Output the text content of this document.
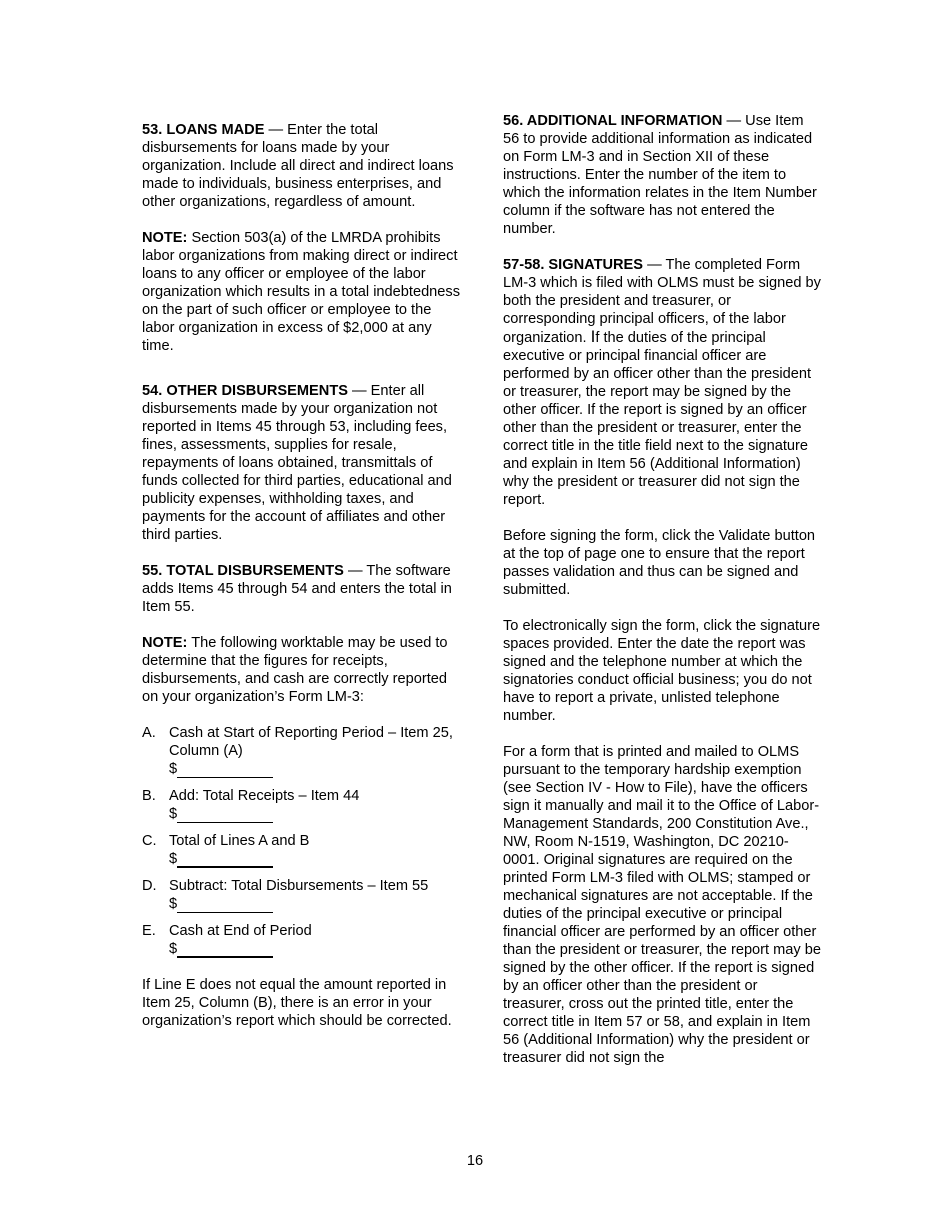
53. LOANS MADE — Enter the total disbursements for loans made by your organization. Include all direct and indirect loans made to individuals, business enterprises, and other organizations, regardless of amount.

NOTE: Section 503(a) of the LMRDA prohibits labor organizations from making direct or indirect loans to any officer or employee of the labor organization which results in a total indebtedness on the part of such officer or employee to the labor organization in excess of $2,000 at any time.

54. OTHER DISBURSEMENTS — Enter all disbursements made by your organization not reported in Items 45 through 53, including fees, fines, assessments, supplies for resale, repayments of loans obtained, transmittals of funds collected for third parties, educational and publicity expenses, withholding taxes, and payments for the account of affiliates and other third parties.

55. TOTAL DISBURSEMENTS — The software adds Items 45 through 54 and enters the total in Item 55.

NOTE: The following worktable may be used to determine that the figures for receipts, disbursements, and cash are correctly reported on your organization’s Form LM-3:

A. Cash at Start of Reporting Period – Item 25, Column (A)
$
B. Add: Total Receipts – Item 44
$
C. Total of Lines A and B
$
D. Subtract: Total Disbursements – Item 55
$
E. Cash at End of Period
$

If Line E does not equal the amount reported in Item 25, Column (B), there is an error in your organization’s report which should be corrected.

56. ADDITIONAL INFORMATION — Use Item 56 to provide additional information as indicated on Form LM-3 and in Section XII of these instructions. Enter the number of the item to which the information relates in the Item Number column if the software has not entered the number.

57-58. SIGNATURES — The completed Form LM-3 which is filed with OLMS must be signed by both the president and treasurer, or corresponding principal officers, of the labor organization. If the duties of the principal executive or principal financial officer are performed by an officer other than the president or treasurer, the report may be signed by the other officer. If the report is signed by an officer other than the president or treasurer, enter the correct title in the title field next to the signature and explain in Item 56 (Additional Information) why the president or treasurer did not sign the report.

Before signing the form, click the Validate button at the top of page one to ensure that the report passes validation and thus can be signed and submitted.

To electronically sign the form, click the signature spaces provided. Enter the date the report was signed and the telephone number at which the signatories conduct official business; you do not have to report a private, unlisted telephone number.

For a form that is printed and mailed to OLMS pursuant to the temporary hardship exemption (see Section IV - How to File), have the officers sign it manually and mail it to the Office of Labor-Management Standards, 200 Constitution Ave., NW, Room N-1519, Washington, DC 20210-0001. Original signatures are required on the printed Form LM-3 filed with OLMS; stamped or mechanical signatures are not acceptable. If the duties of the principal executive or principal financial officer are performed by an officer other than the president or treasurer, the report may be signed by the other officer. If the report is signed by an officer other than the president or treasurer, cross out the printed title, enter the correct title in Item 57 or 58, and explain in Item 56 (Additional Information) why the president or treasurer did not sign the

16
